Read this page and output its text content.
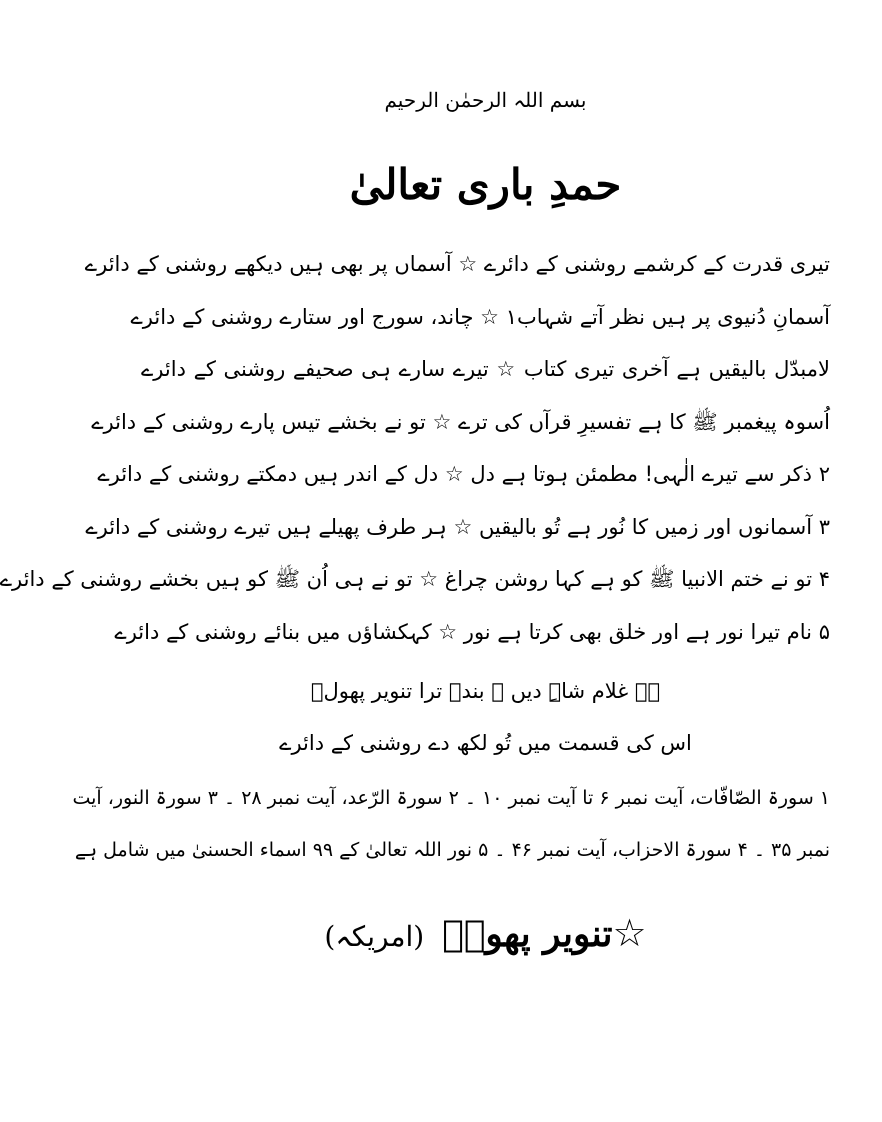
بسم اللہ الرحمٰن الرحیم
حمدِ باری تعالیٰ
تیری قدرت کے کرشمے روشنی کے دائرے ☆ آسماں پر بھی ہیں دیکھے روشنی کے دائرے
آسمانِ دُنیوی پر ہیں نظر آتے شہاب۱ ☆ چاند، سورج اور ستارے روشنی کے دائرے
لامبدّل بالیقیں ہے آخری تیری کتاب ☆ تیرے سارے ہی صحیفے روشنی کے دائرے
اُسوہ پیغمبر ﷺ کا ہے تفسیرِ قرآں کی ترے ☆ تو نے بخشے تیس پارے روشنی کے دائرے
۲ ذکر سے تیرے الٰہی! مطمئن ہوتا ہے دل ☆ دل کے اندر ہیں دمکتے روشنی کے دائرے
۳ آسمانوں اور زمیں کا نُور ہے تُو بالیقیں ☆ ہر طرف پھیلے ہیں تیرے روشنی کے دائرے
۴ تو نے ختم الانبیا ﷺ کو ہے کہا روشن چراغ ☆ تو نے ہی اُن ﷺ کو ہیں بخشے روشنی کے دائرے
۵ نام تیرا نور ہے اور خلق بھی کرتا ہے نور ☆ کہکشاؤں میں بنائے روشنی کے دائرے
ہے غلام شاہِ دیں ﷺ بندہ ترا تنویر پھولؔ
اس کی قسمت میں تُو لکھ دے روشنی کے دائرے
۱ سورۃ الصّافّات، آیت نمبر ۶ تا آیت نمبر ۱۰ ۔ ۲ سورۃ الرّعد، آیت نمبر ۲۸ ۔ ۳ سورۃ النور، آیت
نمبر ۳۵ ۔ ۴ سورۃ الاحزاب، آیت نمبر ۴۶ ۔ ۵ نور اللہ تعالیٰ کے ۹۹ اسماء الحسنیٰ میں شامل ہے
☆تنویر پھولؔ(امریکہ)
